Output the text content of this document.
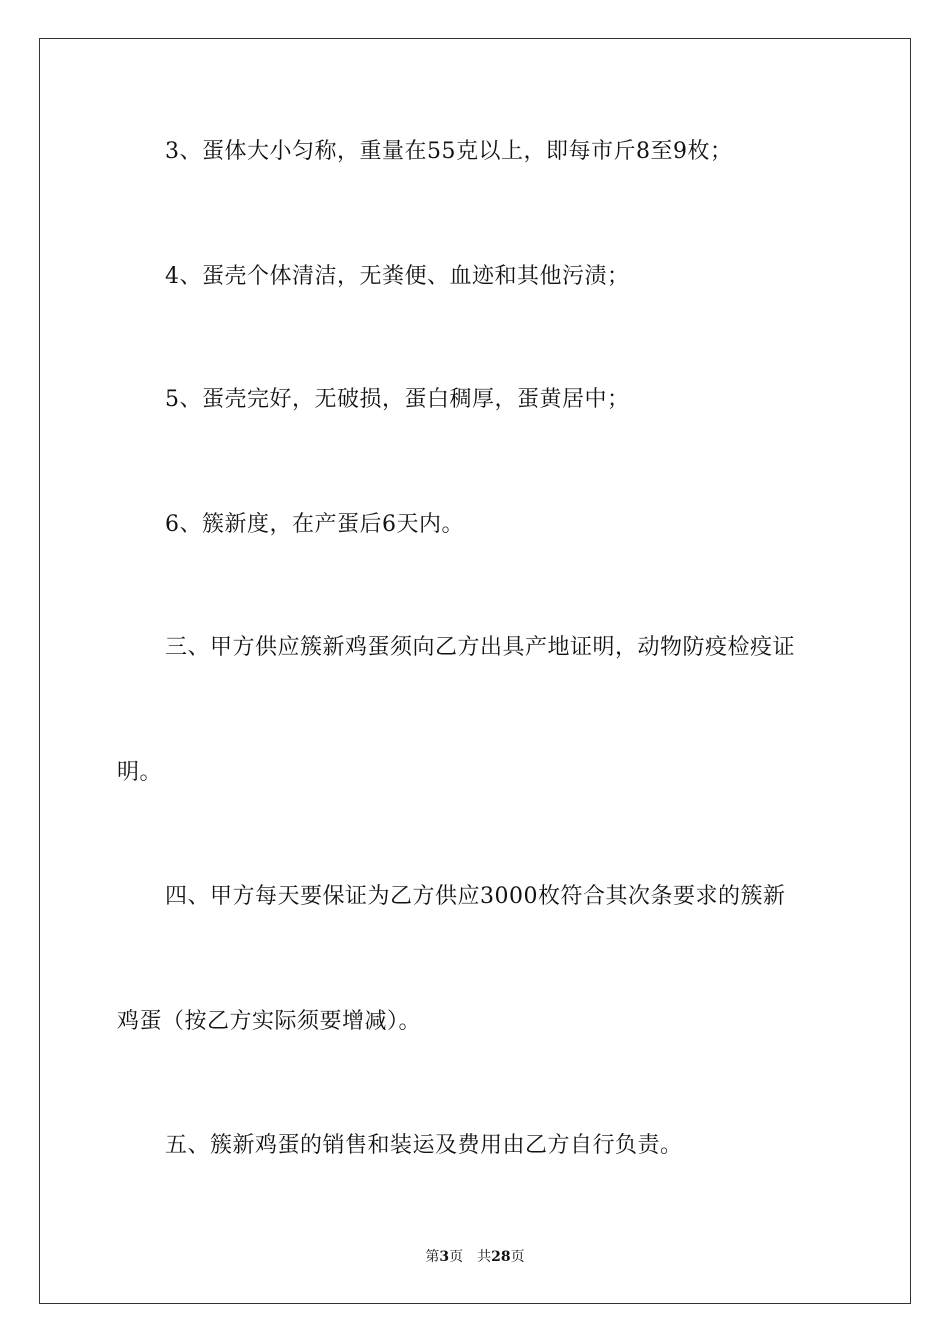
3、蛋体大小匀称，重量在55克以上，即每市斤8至9枚；
4、蛋壳个体清洁，无粪便、血迹和其他污渍；
5、蛋壳完好，无破损，蛋白稠厚，蛋黄居中；
6、簇新度，在产蛋后6天内。
三、甲方供应簇新鸡蛋须向乙方出具产地证明，动物防疫检疫证
明。
四、甲方每天要保证为乙方供应3000枚符合其次条要求的簇新
鸡蛋（按乙方实际须要增减）。
五、簇新鸡蛋的销售和装运及费用由乙方自行负责。
第3页 共28页
